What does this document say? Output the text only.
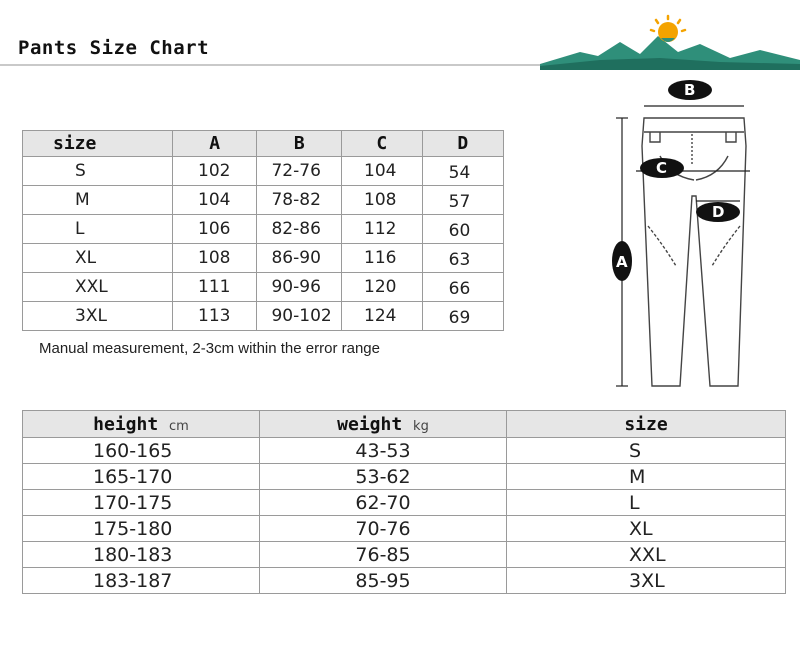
Pants Size Chart
size	A	B	C	D
S	102	72-76	104	54
M	104	78-82	108	57
L	106	82-86	112	60
XL	108	86-90	116	63
XXL	111	90-96	120	66
3XL	113	90-102	124	69
Manual measurement, 2-3cm within the error range
A
B
C
D
height cm	weight kg	size
160-165	43-53	S
165-170	53-62	M
170-175	62-70	L
175-180	70-76	XL
180-183	76-85	XXL
183-187	85-95	3XL
